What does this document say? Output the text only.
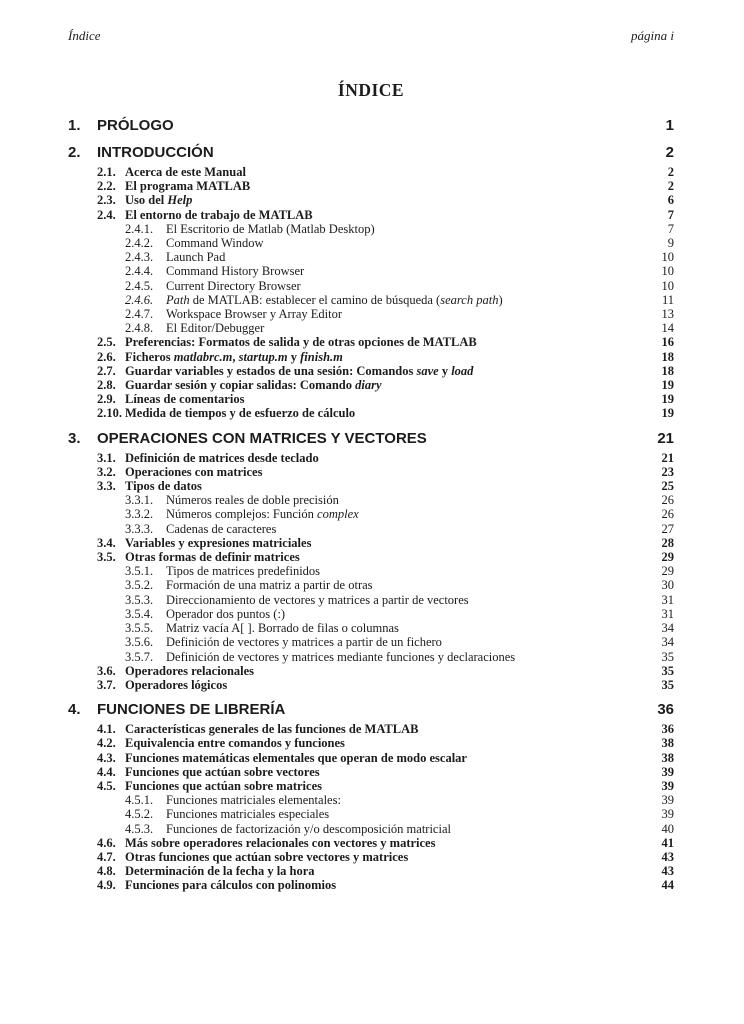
Índice	página i
ÍNDICE
1.	PRÓLOGO	1
2.	INTRODUCCIÓN	2
2.1. Acerca de este Manual	2
2.2. El programa MATLAB	2
2.3. Uso del Help	6
2.4. El entorno de trabajo de MATLAB	7
2.4.1.	El Escritorio de Matlab (Matlab Desktop)	7
2.4.2.	Command Window	9
2.4.3.	Launch Pad	10
2.4.4.	Command History Browser	10
2.4.5.	Current Directory Browser	10
2.4.6.	Path de MATLAB: establecer el camino de búsqueda (search path)	11
2.4.7.	Workspace Browser y Array Editor	13
2.4.8.	El Editor/Debugger	14
2.5. Preferencias: Formatos de salida y de otras opciones de MATLAB	16
2.6. Ficheros matlabrc.m, startup.m y finish.m	18
2.7. Guardar variables y estados de una sesión: Comandos save y load	18
2.8. Guardar sesión y copiar salidas: Comando diary	19
2.9. Líneas de comentarios	19
2.10. Medida de tiempos y de esfuerzo de cálculo	19
3.	OPERACIONES CON MATRICES Y VECTORES	21
3.1. Definición de matrices desde teclado	21
3.2. Operaciones con matrices	23
3.3. Tipos de datos	25
3.3.1.	Números reales de doble precisión	26
3.3.2.	Números complejos: Función complex	26
3.3.3.	Cadenas de caracteres	27
3.4. Variables y expresiones matriciales	28
3.5. Otras formas de definir matrices	29
3.5.1.	Tipos de matrices predefinidos	29
3.5.2.	Formación de una matriz a partir de otras	30
3.5.3.	Direccionamiento de vectores y matrices a partir de vectores	31
3.5.4.	Operador dos puntos (:)	31
3.5.5.	Matriz vacía A[ ]. Borrado de filas o columnas	34
3.5.6.	Definición de vectores y matrices a partir de un fichero	34
3.5.7.	Definición de vectores y matrices mediante funciones y declaraciones	35
3.6. Operadores relacionales	35
3.7. Operadores lógicos	35
4.	FUNCIONES DE LIBRERÍA	36
4.1. Características generales de las funciones de MATLAB	36
4.2. Equivalencia entre comandos y funciones	38
4.3. Funciones matemáticas elementales que operan de modo escalar	38
4.4. Funciones que actúan sobre vectores	39
4.5. Funciones que actúan sobre matrices	39
4.5.1.	Funciones matriciales elementales:	39
4.5.2.	Funciones matriciales especiales	39
4.5.3.	Funciones de factorización y/o descomposición matricial	40
4.6. Más sobre operadores relacionales con vectores y matrices	41
4.7. Otras funciones que actúan sobre vectores y matrices	43
4.8. Determinación de la fecha y la hora	43
4.9. Funciones para cálculos con polinomios	44
